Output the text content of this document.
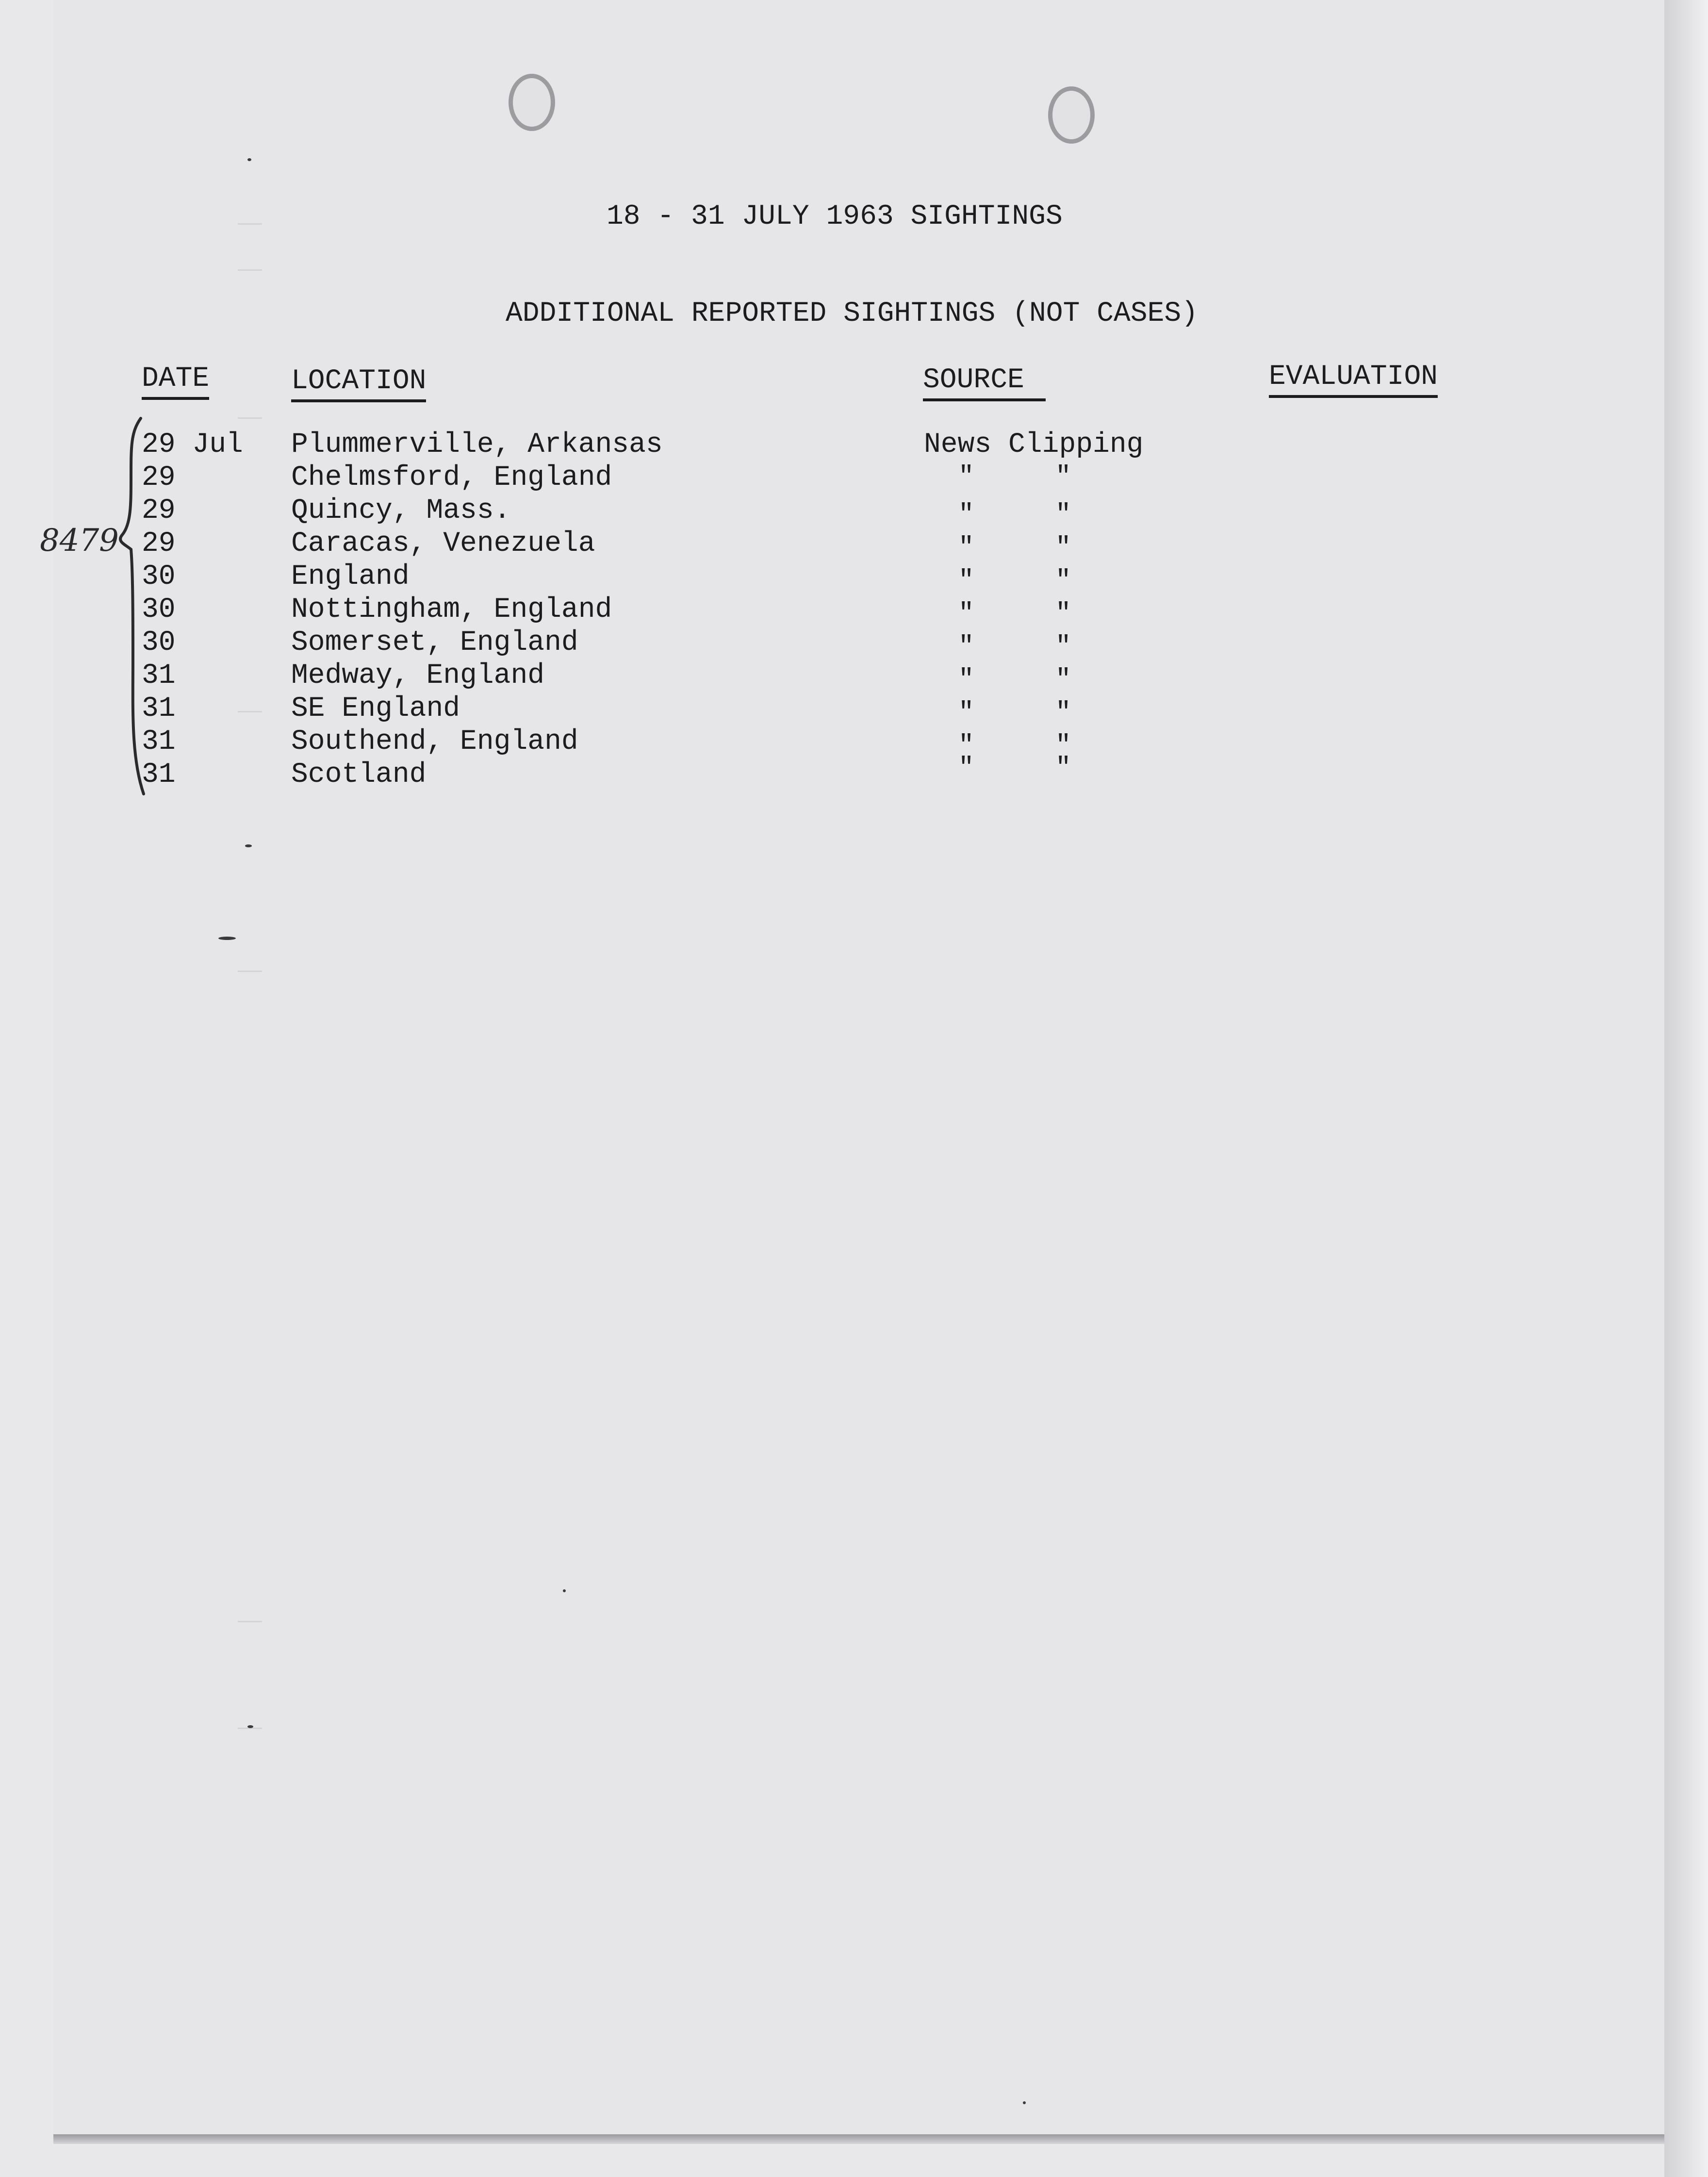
18 - 31 JULY 1963 SIGHTINGS
ADDITIONAL REPORTED SIGHTINGS (NOT CASES)
DATE	LOCATION	SOURCE	EVALUATION
8479
29 Jul Plummerville, Arkansas	News Clipping
29	Chelmsford, England	"	"
29	Quincy, Mass.	"	"
29	Caracas, Venezuela	"	"
30	England	"	"
30	Nottingham, England	"	"
30	Somerset, England	"	"
31	Medway, England	"	"
31	SE England	"	"
31	Southend, England	"	"
31	Scotland	"	"
